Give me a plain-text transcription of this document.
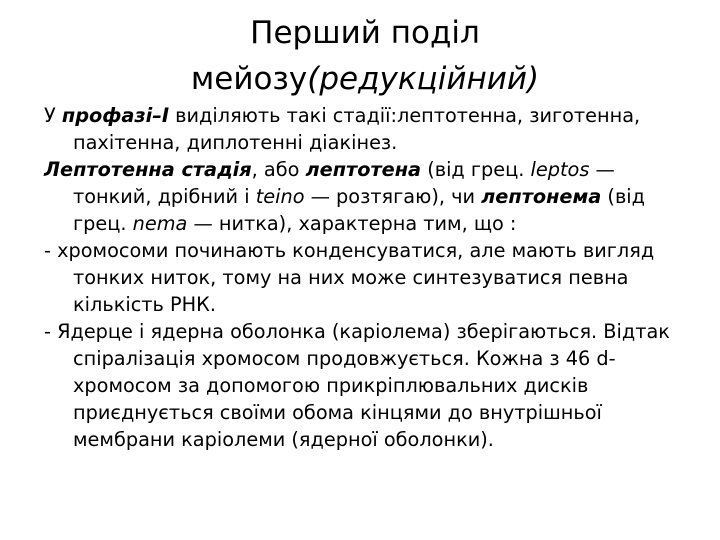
Перший поділ
мейозу(редукційний)

У профазі–І виділяють такі стадії:лептотенна, зиготенна, пахітенна, диплотенні діакінез.

Лептотенна стадія, або лептотена (від грец. leptos — тонкий, дрібний і teino — розтягаю), чи лептонема (від грец. nema — нитка), характерна тим, що :

- хромосоми починають конденсуватися, але мають вигляд тонких ниток, тому на них може синтезуватися певна кількість РНК.

- Ядерце і ядерна оболонка (каріолема) зберігаються. Відтак спіралізація хромосом продовжується. Кожна з 46 d-хромосом за допомогою прикріплювальних дисків приєднується своїми обома кінцями до внутрішньої мембрани каріолеми (ядерної оболонки).
